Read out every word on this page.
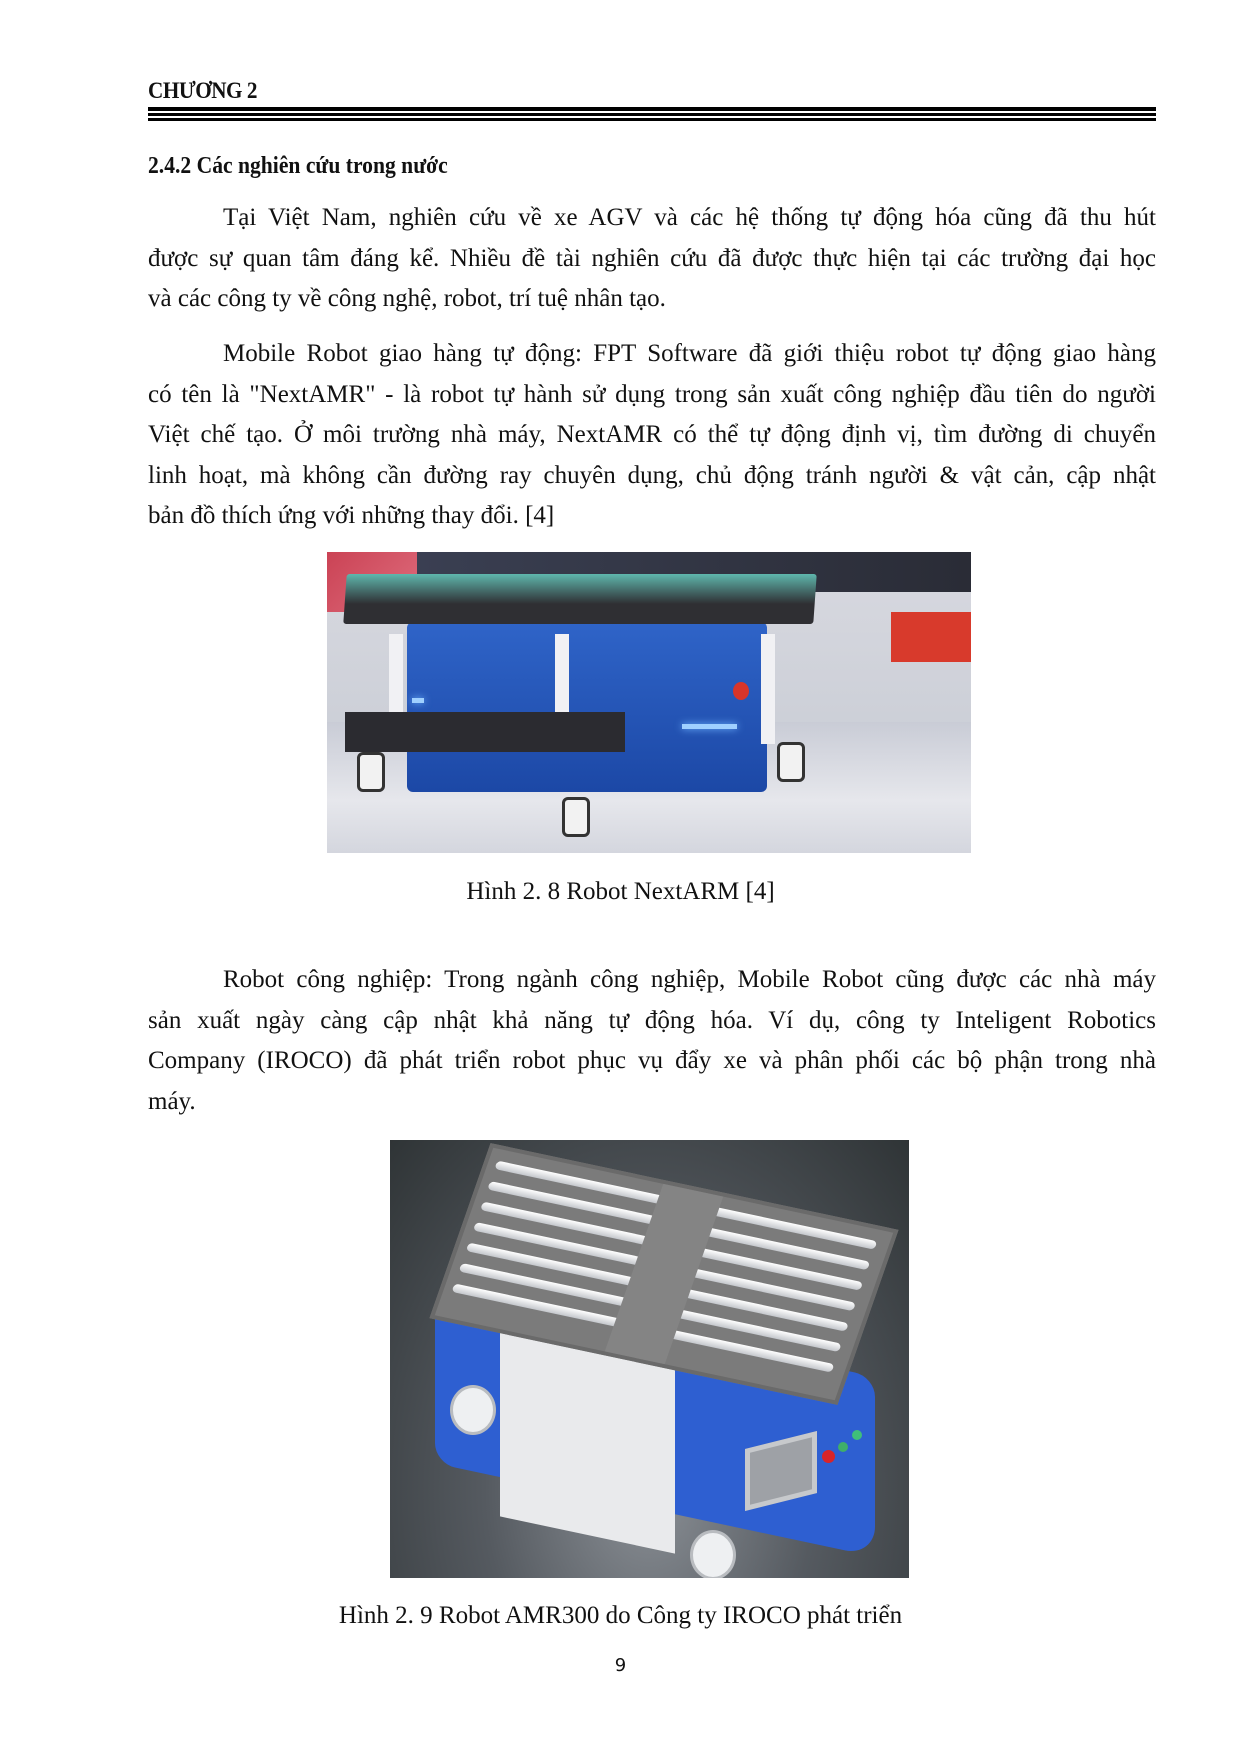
CHƯƠNG 2
2.4.2 Các nghiên cứu trong nước

Tại Việt Nam, nghiên cứu về xe AGV và các hệ thống tự động hóa cũng đã thu hút
được sự quan tâm đáng kể. Nhiều đề tài nghiên cứu đã được thực hiện tại các trường đại học
và các công ty về công nghệ, robot, trí tuệ nhân tạo.

Mobile Robot giao hàng tự động: FPT Software đã giới thiệu robot tự động giao hàng
có tên là "NextAMR" - là robot tự hành sử dụng trong sản xuất công nghiệp đầu tiên do người
Việt chế tạo. Ở môi trường nhà máy, NextAMR có thể tự động định vị, tìm đường di chuyển
linh hoạt, mà không cần đường ray chuyên dụng, chủ động tránh người & vật cản, cập nhật
bản đồ thích ứng với những thay đổi. [4]

Hình 2. 8 Robot NextARM [4]

Robot công nghiệp: Trong ngành công nghiệp, Mobile Robot cũng được các nhà máy
sản xuất ngày càng cập nhật khả năng tự động hóa. Ví dụ, công ty Inteligent Robotics
Company (IROCO) đã phát triển robot phục vụ đẩy xe và phân phối các bộ phận trong nhà
máy.

Hình 2. 9 Robot AMR300 do Công ty IROCO phát triển
9
